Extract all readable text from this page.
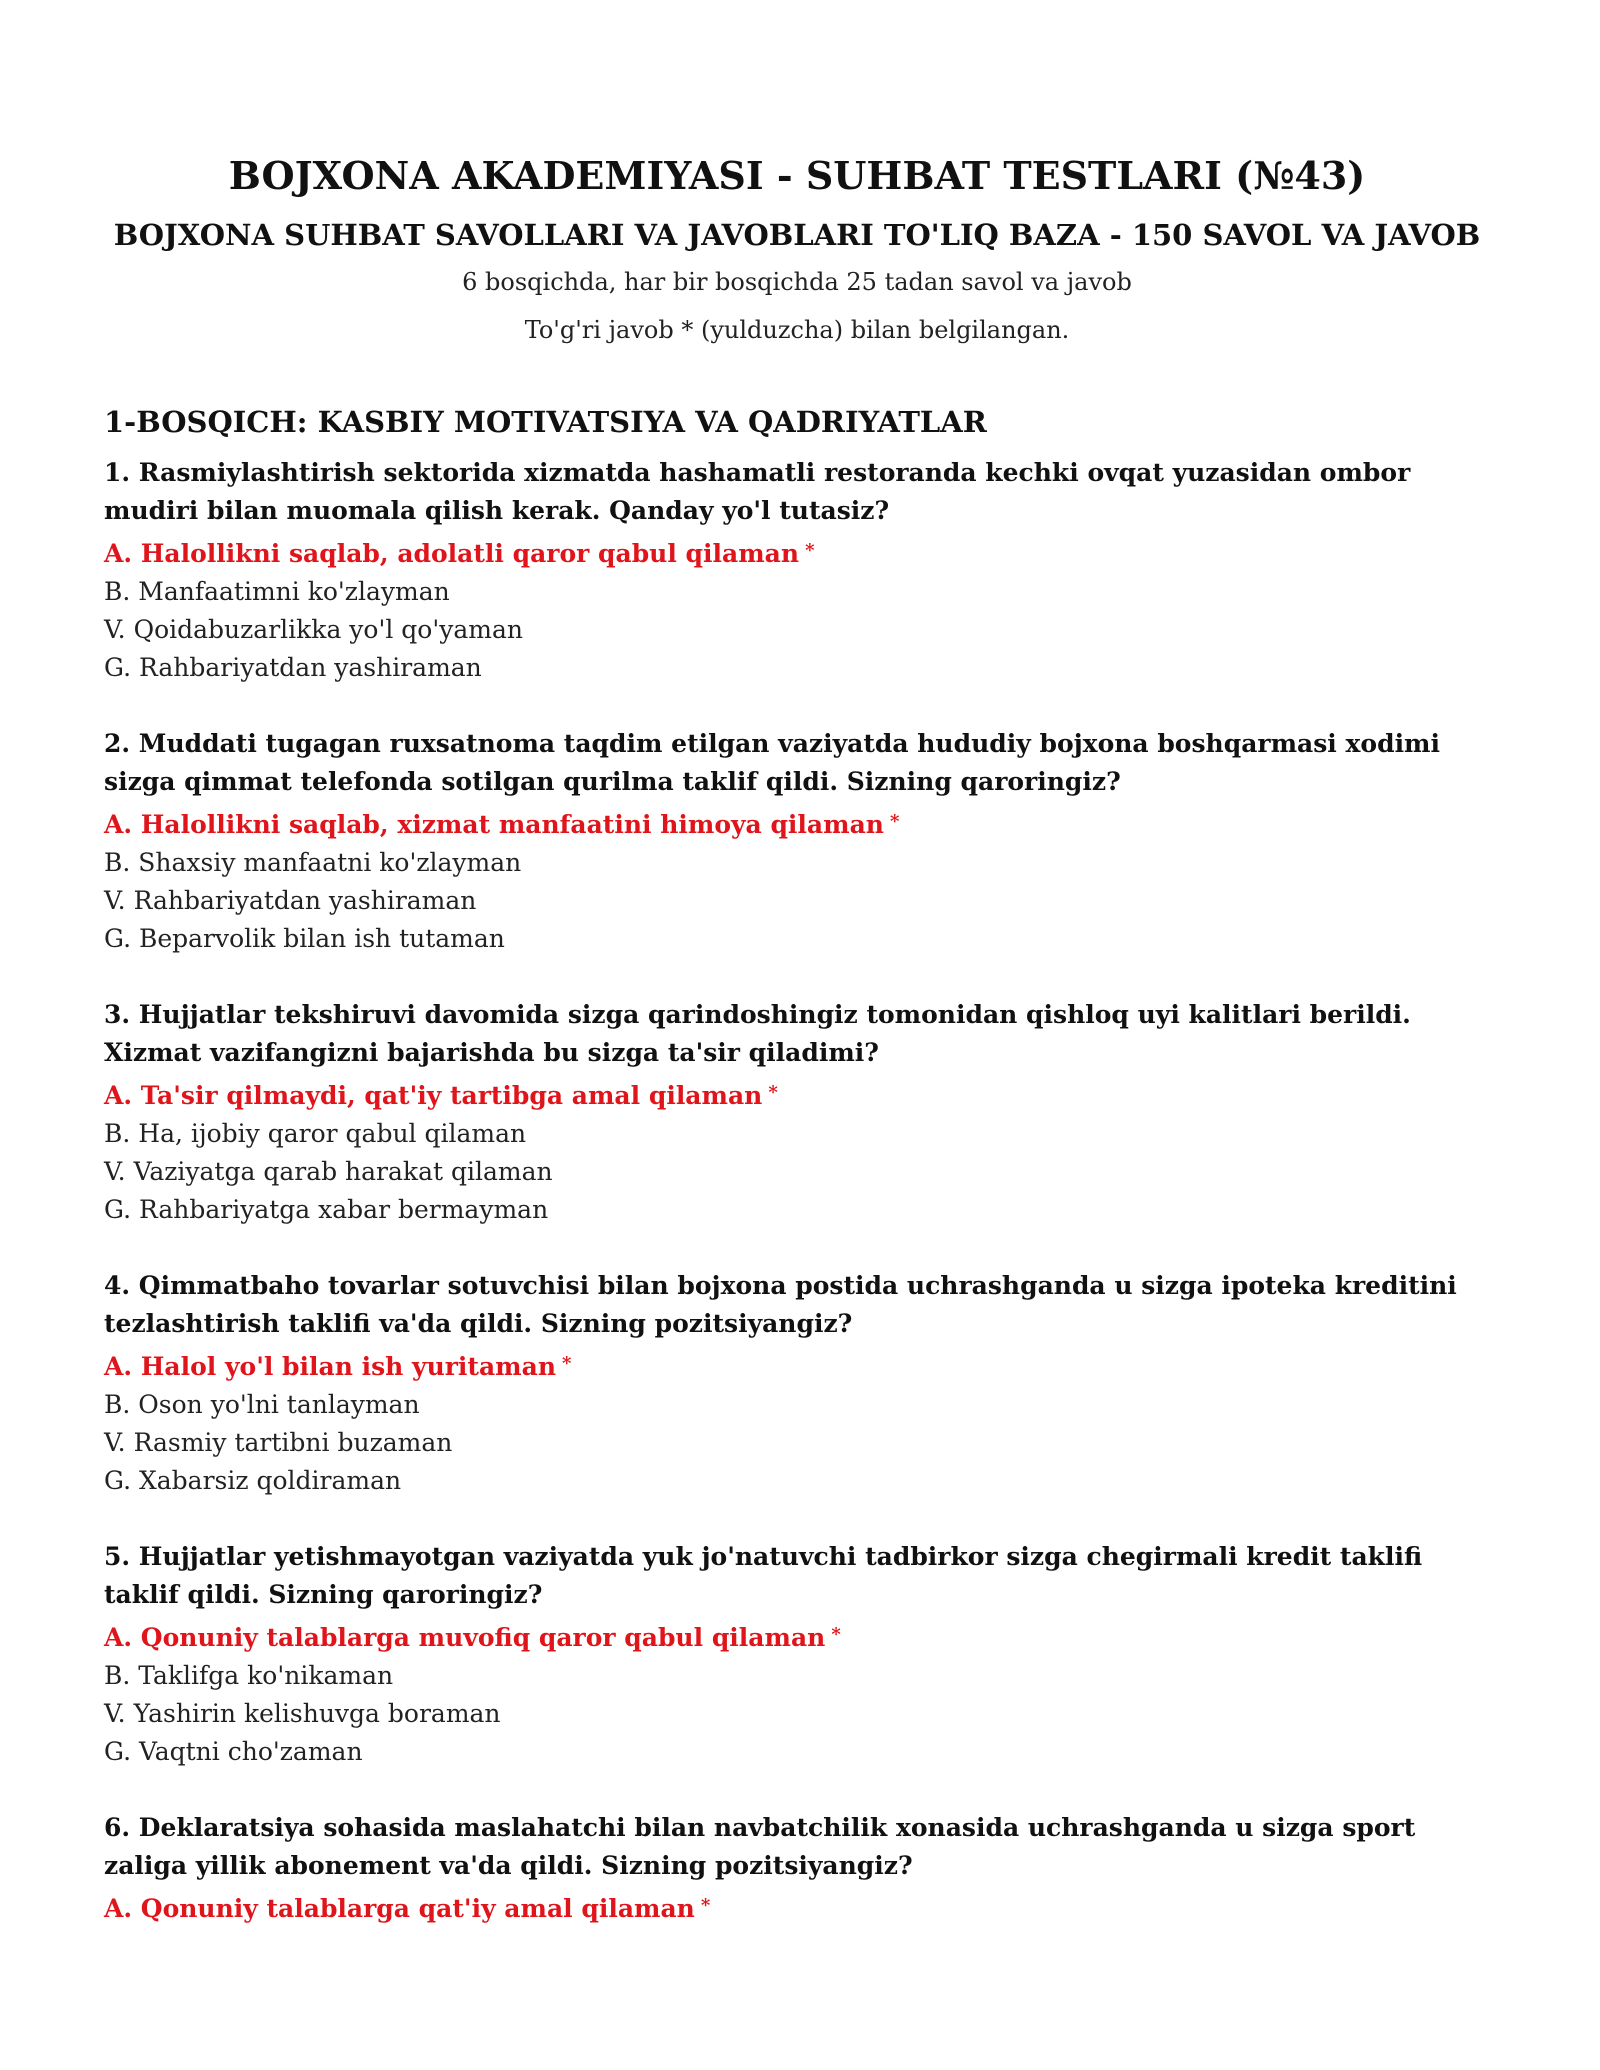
BOJXONA AKADEMIYASI - SUHBAT TESTLARI (№43)
BOJXONA SUHBAT SAVOLLARI VA JAVOBLARI TO'LIQ BAZA - 150 SAVOL VA JAVOB

6 bosqichda, har bir bosqichda 25 tadan savol va javob

To'g'ri javob * (yulduzcha) bilan belgilangan.

1-BOSQICH: KASBIY MOTIVATSIYA VA QADRIYATLAR

1. Rasmiylashtirish sektorida xizmatda hashamatli restoranda kechki ovqat yuzasidan ombor mudiri bilan muomala qilish kerak. Qanday yo'l tutasiz?

A. Halollikni saqlab, adolatli qaror qabul qilaman *
B. Manfaatimni ko'zlayman
V. Qoidabuzarlikka yo'l qo'yaman
G. Rahbariyatdan yashiraman

2. Muddati tugagan ruxsatnoma taqdim etilgan vaziyatda hududiy bojxona boshqarmasi xodimi sizga qimmat telefonda sotilgan qurilma taklif qildi. Sizning qaroringiz?

A. Halollikni saqlab, xizmat manfaatini himoya qilaman *
B. Shaxsiy manfaatni ko'zlayman
V. Rahbariyatdan yashiraman
G. Beparvolik bilan ish tutaman

3. Hujjatlar tekshiruvi davomida sizga qarindoshingiz tomonidan qishloq uyi kalitlari berildi. Xizmat vazifangizni bajarishda bu sizga ta'sir qiladimi?

A. Ta'sir qilmaydi, qat'iy tartibga amal qilaman *
B. Ha, ijobiy qaror qabul qilaman
V. Vaziyatga qarab harakat qilaman
G. Rahbariyatga xabar bermayman

4. Qimmatbaho tovarlar sotuvchisi bilan bojxona postida uchrashganda u sizga ipoteka kreditini tezlashtirish taklifi va'da qildi. Sizning pozitsiyangiz?

A. Halol yo'l bilan ish yuritaman *
B. Oson yo'lni tanlayman
V. Rasmiy tartibni buzaman
G. Xabarsiz qoldiraman

5. Hujjatlar yetishmayotgan vaziyatda yuk jo'natuvchi tadbirkor sizga chegirmali kredit taklifi taklif qildi. Sizning qaroringiz?

A. Qonuniy talablarga muvofiq qaror qabul qilaman *
B. Taklifga ko'nikaman
V. Yashirin kelishuvga boraman
G. Vaqtni cho'zaman

6. Deklaratsiya sohasida maslahatchi bilan navbatchilik xonasida uchrashganda u sizga sport zaliga yillik abonement va'da qildi. Sizning pozitsiyangiz?

A. Qonuniy talablarga qat'iy amal qilaman *
